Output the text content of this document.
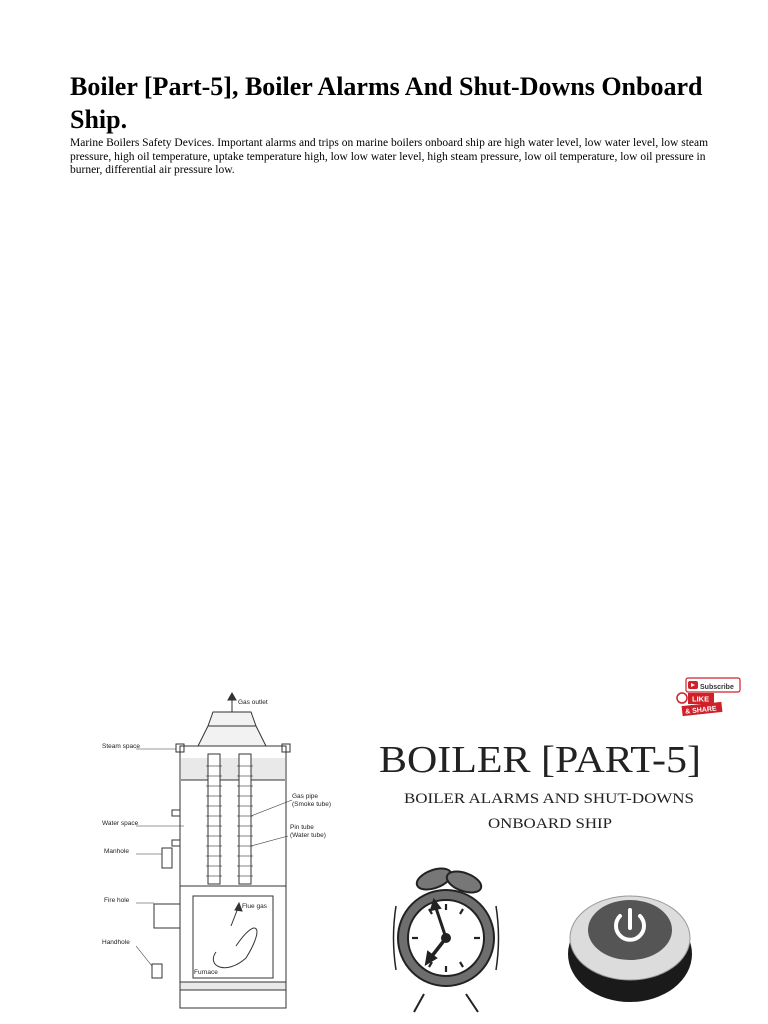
Boiler [Part-5], Boiler Alarms And Shut-Downs Onboard Ship.

Marine Boilers Safety Devices. Important alarms and trips on marine boilers onboard ship are high water level, low water level, low steam pressure, high oil temperature, uptake temperature high, low low water level, high steam pressure, low oil temperature, low oil pressure in burner, differential air pressure low.

Gas outlet
Steam space
Gas pipe
(Smoke tube)
Pin tube
(Water tube)
Water space
Manhole
Flue gas
Fire hole
Handhole
Furnace
Subscribe
LIKE
& SHARE
BOILER [PART-5]
BOILER ALARMS AND SHUT-DOWNS
ONBOARD SHIP
